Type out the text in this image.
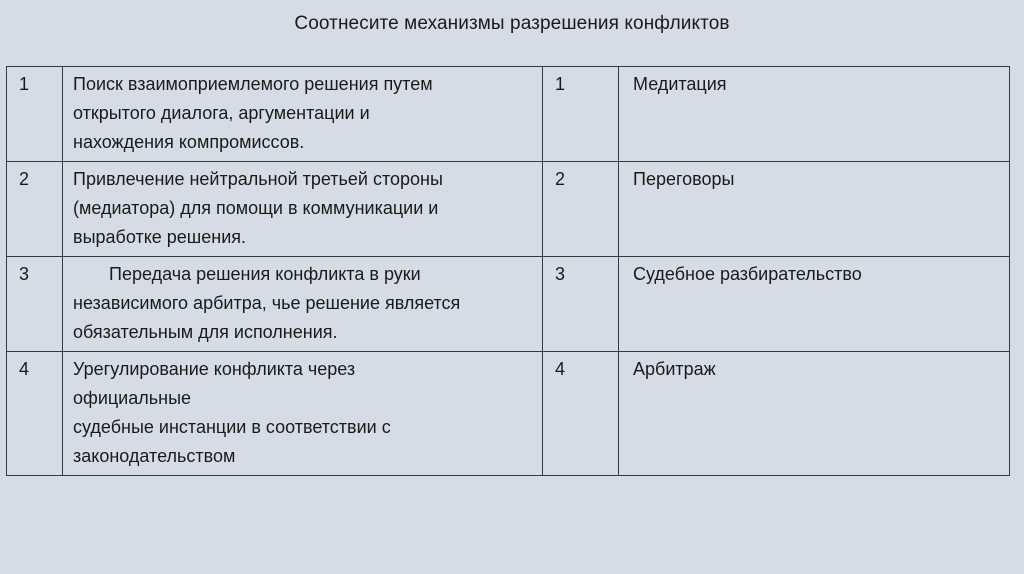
Соотнесите механизмы разрешения конфликтов
1	Поиск взаимоприемлемого решения путем
открытого диалога, аргументации и
нахождения компромиссов.	1	Медитация
2	Привлечение нейтральной третьей стороны
(медиатора) для помощи в коммуникации и
выработке решения.	2	Переговоры
3	Передача решения конфликта в руки
независимого арбитра, чье решение является
обязательным для исполнения.	3	Судебное разбирательство
4	Урегулирование конфликта через
официальные
судебные инстанции в соответствии с
законодательством	4	Арбитраж
